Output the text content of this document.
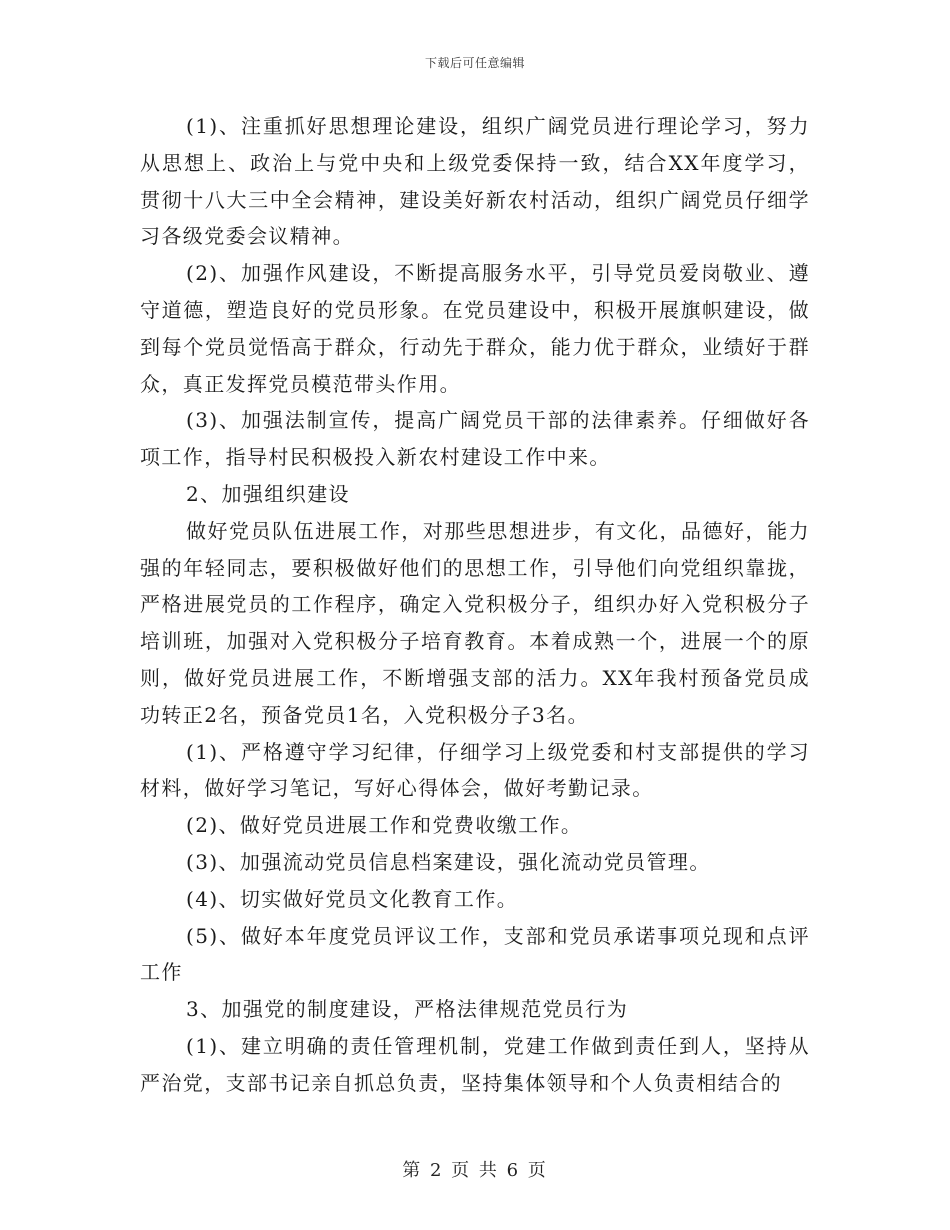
下载后可任意编辑

(1)、注重抓好思想理论建设，组织广阔党员进行理论学习，努力从思想上、政治上与党中央和上级党委保持一致，结合XX年度学习，贯彻十八大三中全会精神，建设美好新农村活动，组织广阔党员仔细学习各级党委会议精神。

(2)、加强作风建设，不断提高服务水平，引导党员爱岗敬业、遵守道德，塑造良好的党员形象。在党员建设中，积极开展旗帜建设，做到每个党员觉悟高于群众，行动先于群众，能力优于群众，业绩好于群众，真正发挥党员模范带头作用。

(3)、加强法制宣传，提高广阔党员干部的法律素养。仔细做好各项工作，指导村民积极投入新农村建设工作中来。

2、加强组织建设

做好党员队伍进展工作，对那些思想进步，有文化，品德好，能力强的年轻同志，要积极做好他们的思想工作，引导他们向党组织靠拢，严格进展党员的工作程序，确定入党积极分子，组织办好入党积极分子培训班，加强对入党积极分子培育教育。本着成熟一个，进展一个的原则，做好党员进展工作，不断增强支部的活力。XX年我村预备党员成功转正2名，预备党员1名，入党积极分子3名。

(1)、严格遵守学习纪律，仔细学习上级党委和村支部提供的学习材料，做好学习笔记，写好心得体会，做好考勤记录。

(2)、做好党员进展工作和党费收缴工作。

(3)、加强流动党员信息档案建设，强化流动党员管理。

(4)、切实做好党员文化教育工作。

(5)、做好本年度党员评议工作，支部和党员承诺事项兑现和点评工作

3、加强党的制度建设，严格法律规范党员行为

(1)、建立明确的责任管理机制，党建工作做到责任到人，坚持从严治党，支部书记亲自抓总负责，坚持集体领导和个人负责相结合的

第 2 页 共 6 页
